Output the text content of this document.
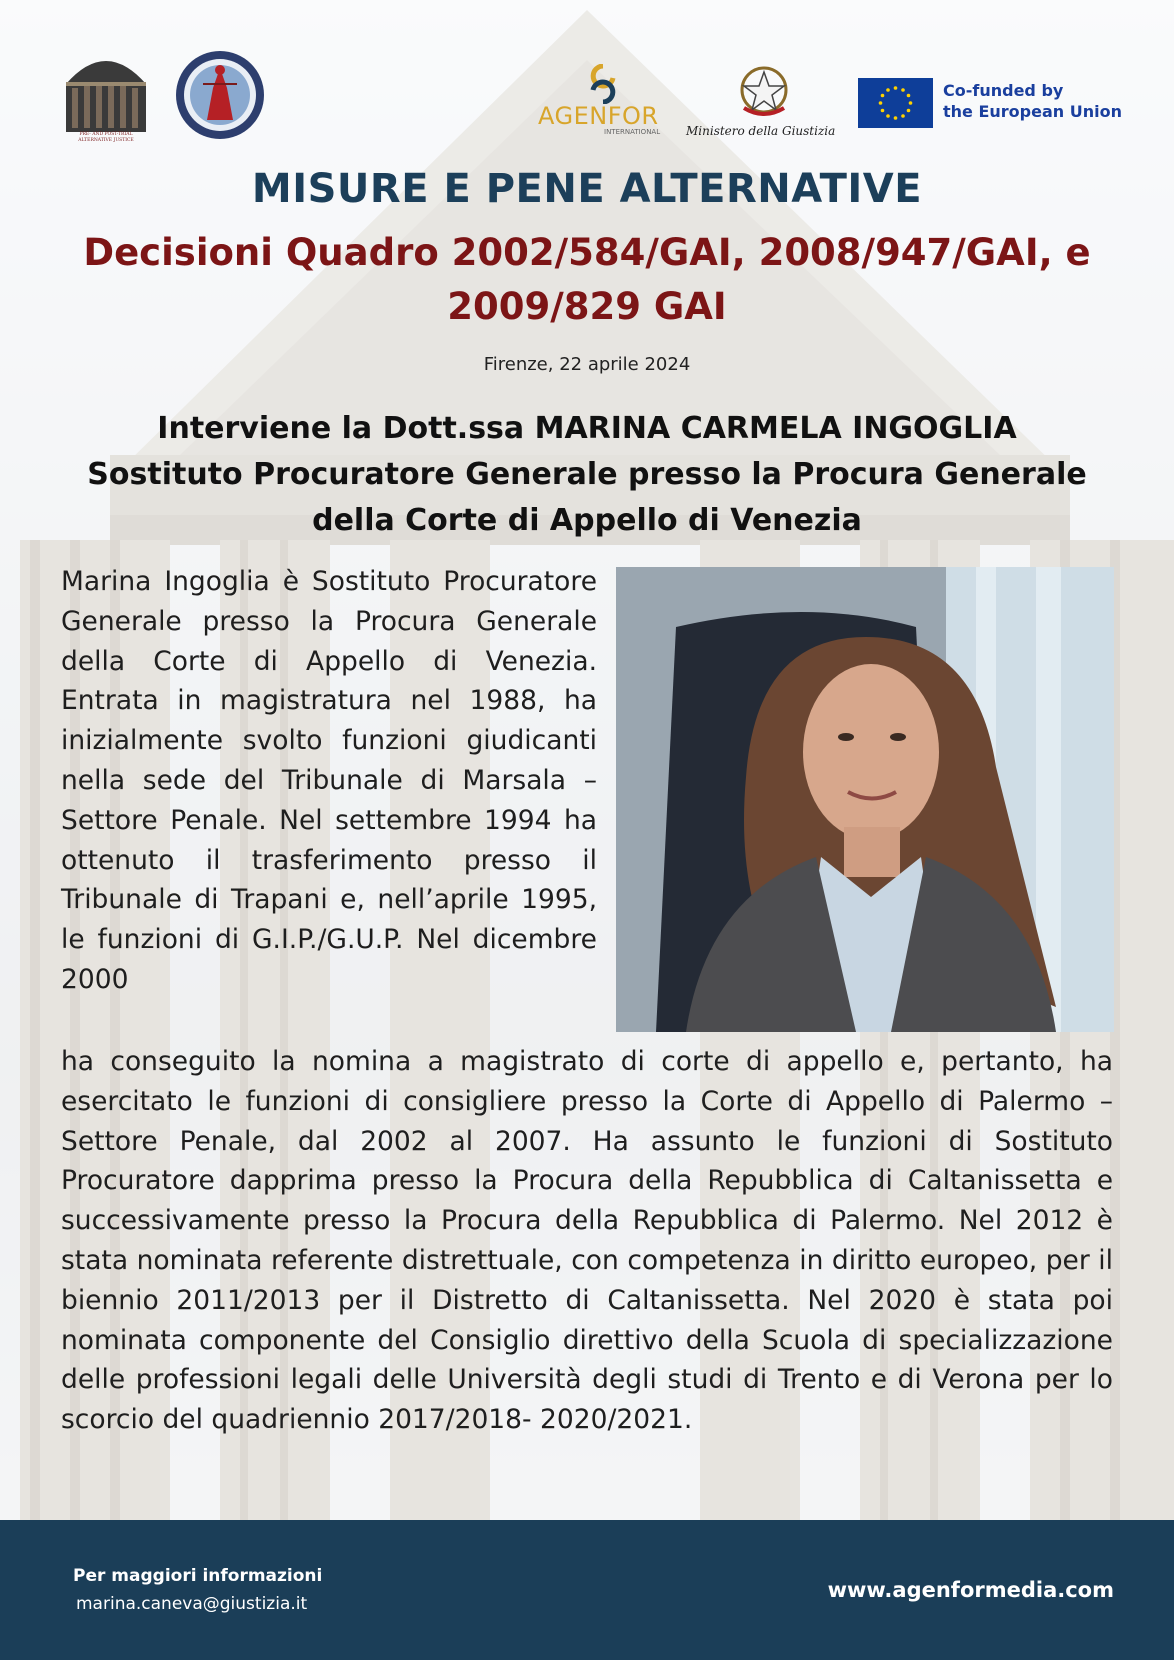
PRE- AND POST-TRIAL ALTERNATIVE JUSTICE
AGENFOR
INTERNATIONAL Ministero della Giustizia
Co-funded by
the European Union
MISURE E PENE ALTERNATIVE
Decisioni Quadro 2002/584/GAI, 2008/947/GAI, e 2009/829 GAI
Firenze, 22 aprile 2024
Interviene la Dott.ssa MARINA CARMELA INGOGLIA
Sostituto Procuratore Generale presso la Procura Generale
della Corte di Appello di Venezia

Marina Ingoglia è Sostituto Procuratore Generale presso la Procura Generale della Corte di Appello di Venezia. Entrata in magistratura nel 1988, ha inizialmente svolto funzioni giudicanti nella sede del Tribunale di Marsala – Settore Penale. Nel settembre 1994 ha ottenuto il trasferimento presso il Tribunale di Trapani e, nell’aprile 1995, le funzioni di G.I.P./G.U.P. Nel dicembre 2000

ha conseguito la nomina a magistrato di corte di appello e, pertanto, ha esercitato le funzioni di consigliere presso la Corte di Appello di Palermo – Settore Penale, dal 2002 al 2007. Ha assunto le funzioni di Sostituto Procuratore dapprima presso la Procura della Repubblica di Caltanissetta e successivamente presso la Procura della Repubblica di Palermo. Nel 2012 è stata nominata referente distrettuale, con competenza in diritto europeo, per il biennio 2011/2013 per il Distretto di Caltanissetta. Nel 2020 è stata poi nominata componente del Consiglio direttivo della Scuola di specializzazione delle professioni legali delle Università degli studi di Trento e di Verona per lo scorcio del quadriennio 2017/2018- 2020/2021.

Per maggiori informazioni
marina.caneva@giustizia.it
www.agenformedia.com
